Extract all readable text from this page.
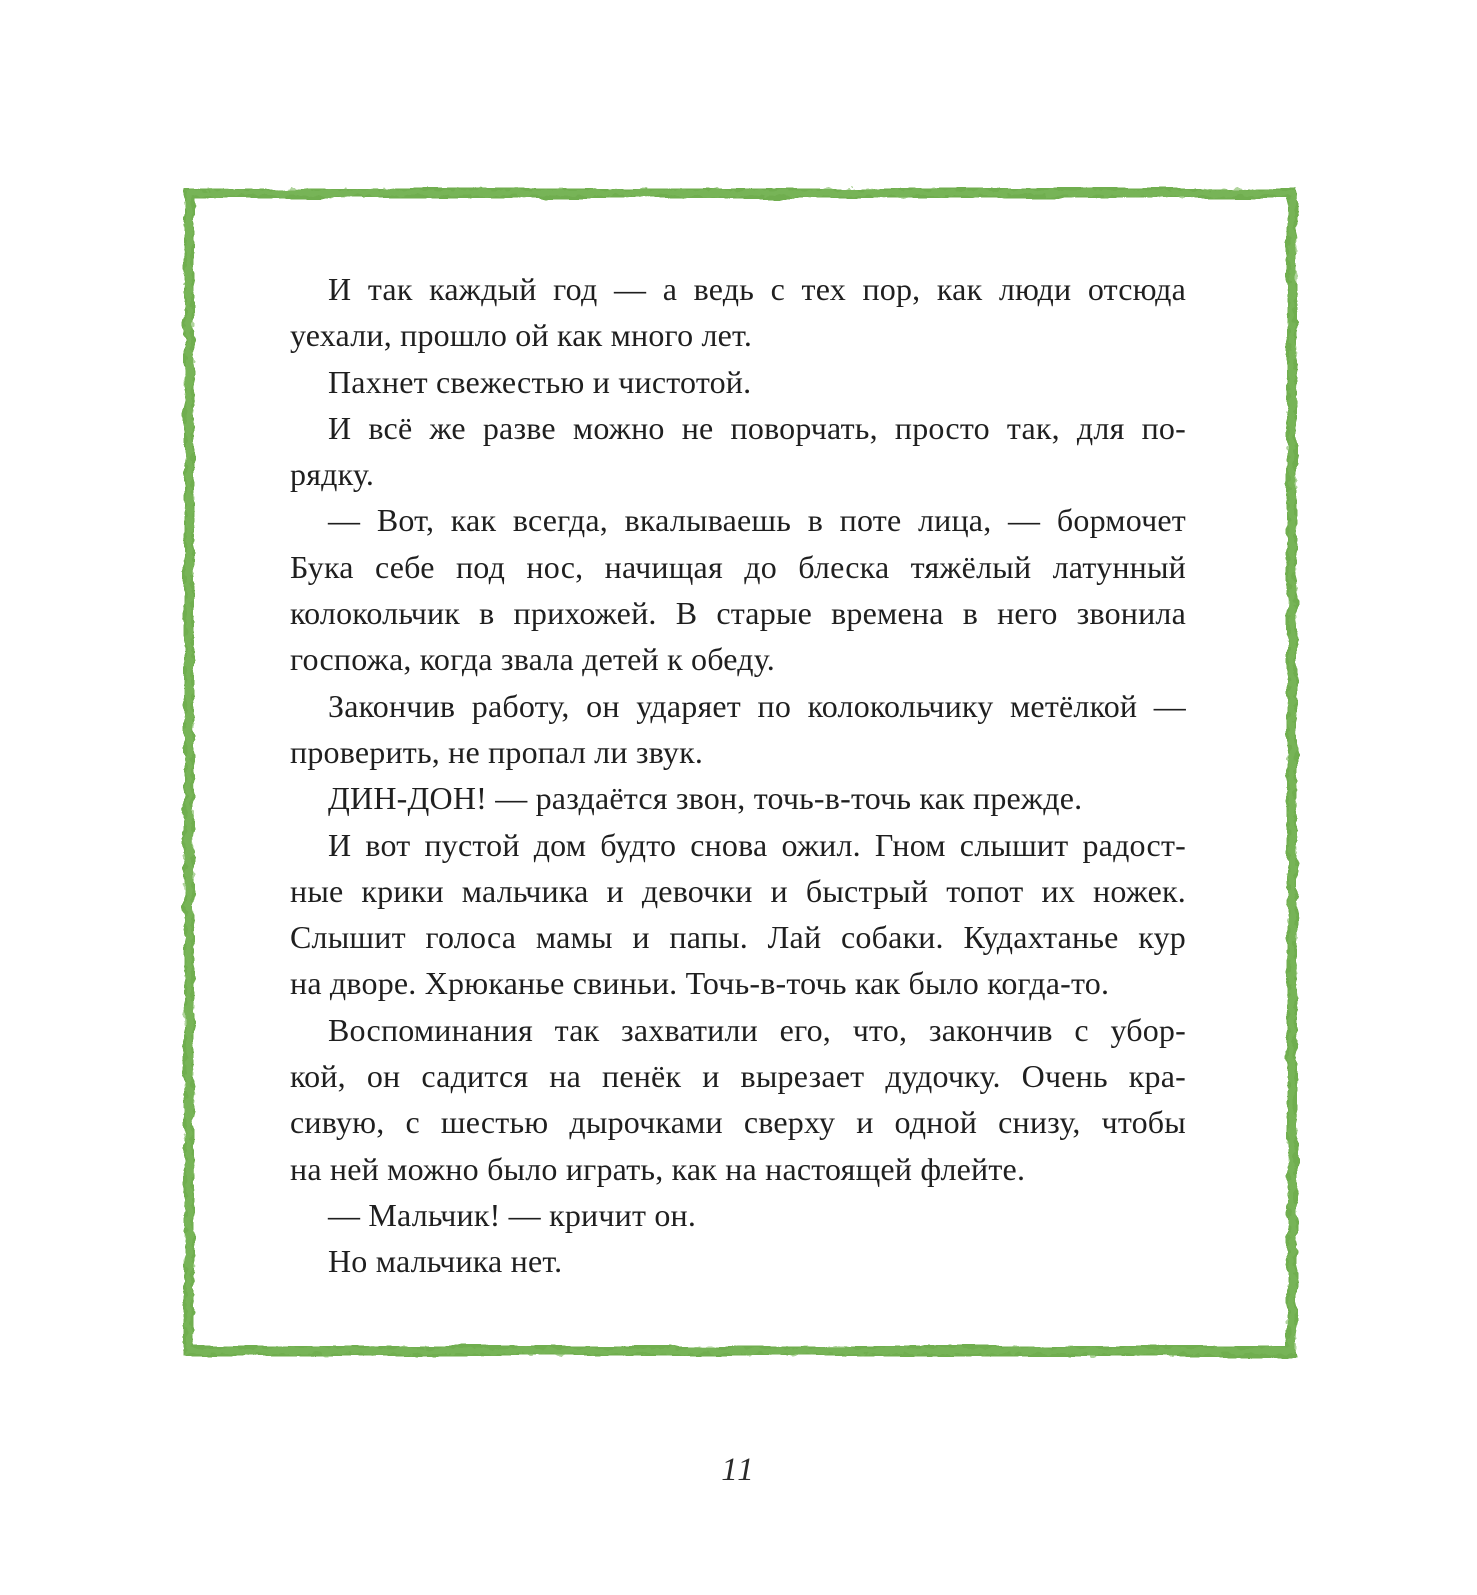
И так каждый год — а ведь с тех пор, как люди отсюда
уехали, прошло ой как много лет.
Пахнет свежестью и чистотой.
И всё же разве можно не поворчать, просто так, для по-
рядку.
— Вот, как всегда, вкалываешь в поте лица, — бормочет
Бука себе под нос, начищая до блеска тяжёлый латунный
колокольчик в прихожей. В старые времена в него звонила
госпожа, когда звала детей к обеду.
Закончив работу, он ударяет по колокольчику метёлкой —
проверить, не пропал ли звук.
ДИН-ДОН! — раздаётся звон, точь-в-точь как прежде.
И вот пустой дом будто снова ожил. Гном слышит радост-
ные крики мальчика и девочки и быстрый топот их ножек.
Слышит голоса мамы и папы. Лай собаки. Кудахтанье кур
на дворе. Хрюканье свиньи. Точь-в-точь как было когда-то.
Воспоминания так захватили его, что, закончив с убор-
кой, он садится на пенёк и вырезает дудочку. Очень кра-
сивую, с шестью дырочками сверху и одной снизу, чтобы
на ней можно было играть, как на настоящей флейте.
— Мальчик! — кричит он.
Но мальчика нет.
11
